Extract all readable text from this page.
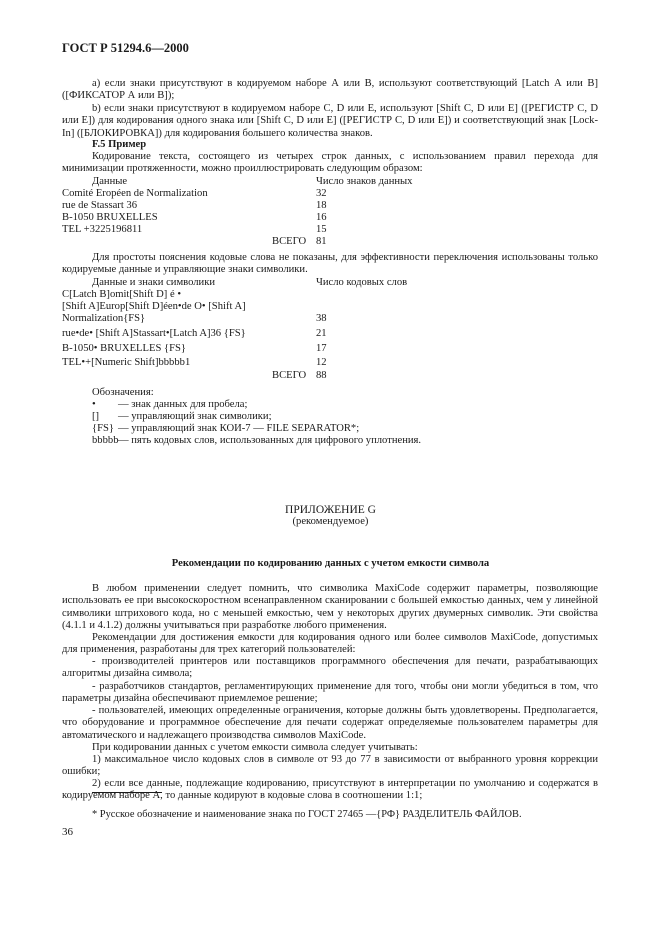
ГОСТ Р 51294.6—2000
а) если знаки присутствуют в кодируемом наборе А или В, используют соответствующий [Latch А или В] ([ФИКСАТОР А или В]);
b) если знаки присутствуют в кодируемом наборе С, D или Е, используют [Shift С, D или Е] ([РЕГИСТР С, D или Е]) для кодирования одного знака или [Shift С, D или Е] ([РЕГИСТР С, D или Е]) и соответствующий знак [Lock-In] ([БЛОКИРОВКА]) для кодирования большего количества знаков.
F.5 Пример
Кодирование текста, состоящего из четырех строк данных, с использованием правил перехода для минимизации протяженности, можно проиллюстрировать следующим образом:
Данные	Число знаков данных
Comité Eropéen de Normalization	32
rue de Stassart 36	18
B-1050 BRUXELLES	16
TEL +3225196811	15
ВСЕГО 81
Для простоты пояснения кодовые слова не показаны, для эффективности переключения использованы только кодируемые данные и управляющие знаки символики.
Данные и знаки символики	Число кодовых слов
C[Latch B]omit[Shift D] é •
[Shift A]Europ[Shift D]éen•de O• [Shift A]
Normalization{FS}	38
rue•de• [Shift A]Stassart•[Latch A]36 {FS}	21
B-1050• BRUXELLES {FS}	17
TEL•+[Numeric Shift]bbbbb1	12
ВСЕГО 88
Обозначения:
• — знак данных для пробела;
[] — управляющий знак символики;
{FS} — управляющий знак КОИ-7 — FILE SEPARATOR*;
bbbbb— пять кодовых слов, использованных для цифрового уплотнения.
ПРИЛОЖЕНИЕ G
(рекомендуемое)
Рекомендации по кодированию данных с учетом емкости символа
В любом применении следует помнить, что символика MaxiCode содержит параметры, позволяющие использовать ее при высокоскоростном всенаправленном сканировании с большей емкостью данных, чем у линейной символики штрихового кода, но с меньшей емкостью, чем у некоторых других двумерных символик. Эти свойства (4.1.1 и 4.1.2) должны учитываться при разработке любого применения.
Рекомендации для достижения емкости для кодирования одного или более символов MaxiCode, допустимых для применения, разработаны для трех категорий пользователей:
- производителей принтеров или поставщиков программного обеспечения для печати, разрабатывающих алгоритмы дизайна символа;
- разработчиков стандартов, регламентирующих применение для того, чтобы они могли убедиться в том, что параметры дизайна обеспечивают приемлемое решение;
- пользователей, имеющих определенные ограничения, которые должны быть удовлетворены. Предполагается, что оборудование и программное обеспечение для печати содержат определяемые пользователем параметры для автоматического и надлежащего производства символов MaxiCode.
При кодировании данных с учетом емкости символа следует учитывать:
1) максимальное число кодовых слов в символе от 93 до 77 в зависимости от выбранного уровня коррекции ошибки;
2) если все данные, подлежащие кодированию, присутствуют в интерпретации по умолчанию и содержатся в кодируемом наборе А, то данные кодируют в кодовые слова в соотношении 1:1;
* Русское обозначение и наименование знака по ГОСТ 27465 —{РФ} РАЗДЕЛИТЕЛЬ ФАЙЛОВ.
36
